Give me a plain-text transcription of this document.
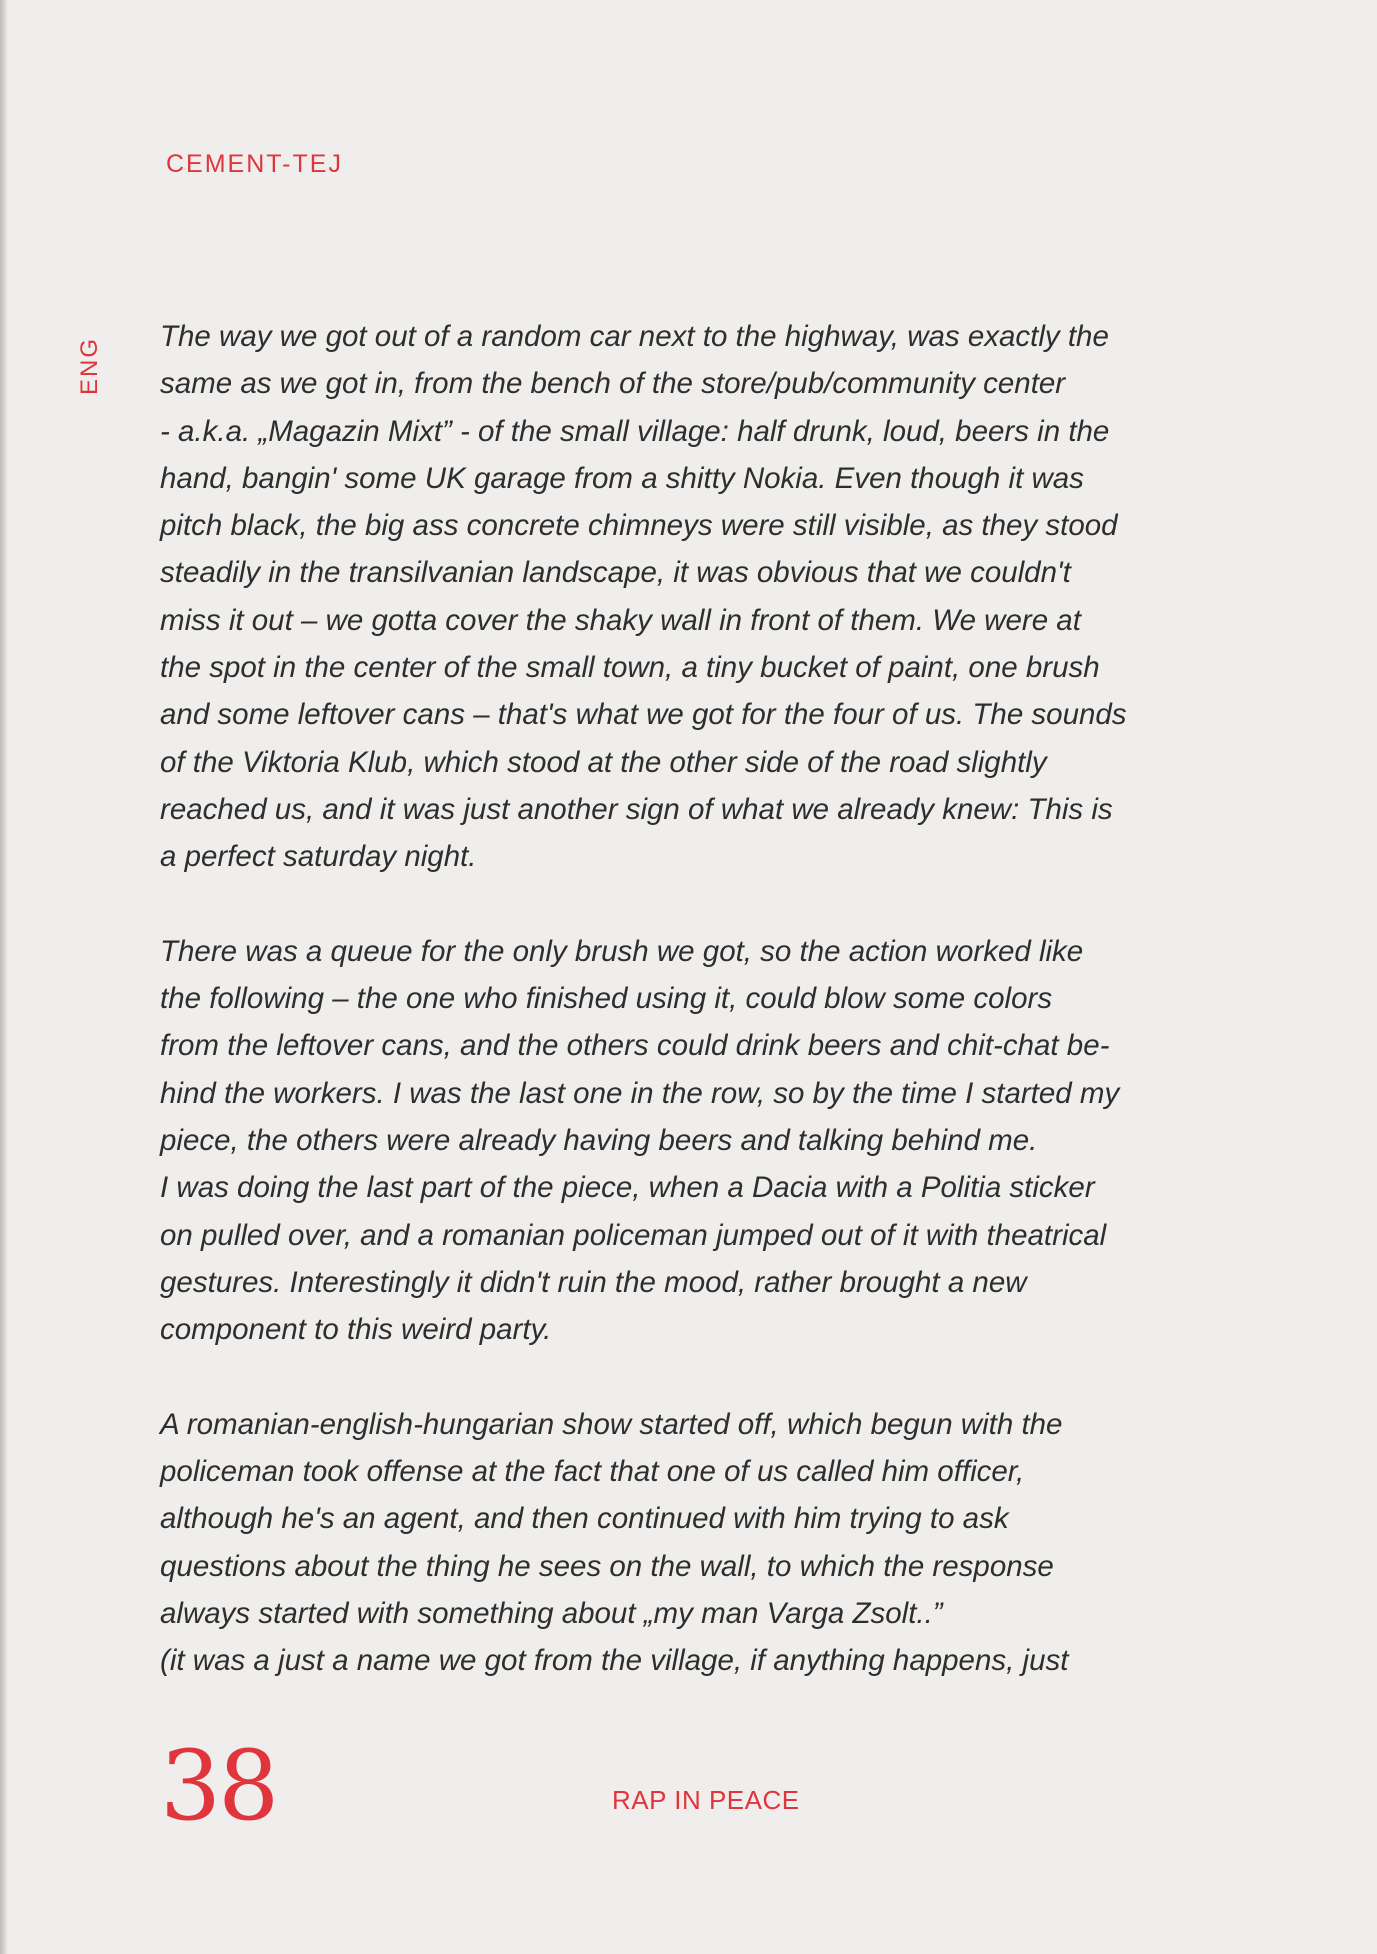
CEMENT-TEJ
ENG

The way we got out of a random car next to the highway, was exactly the
same as we got in, from the bench of the store/pub/community center
- a.k.a. „Magazin Mixt” - of the small village: half drunk, loud, beers in the
hand, bangin' some UK garage from a shitty Nokia. Even though it was
pitch black, the big ass concrete chimneys were still visible, as they stood
steadily in the transilvanian landscape, it was obvious that we couldn't
miss it out – we gotta cover the shaky wall in front of them. We were at
the spot in the center of the small town, a tiny bucket of paint, one brush
and some leftover cans – that's what we got for the four of us. The sounds
of the Viktoria Klub, which stood at the other side of the road slightly
reached us, and it was just another sign of what we already knew: This is
a perfect saturday night.

There was a queue for the only brush we got, so the action worked like
the following – the one who finished using it, could blow some colors
from the leftover cans, and the others could drink beers and chit-chat be-
hind the workers. I was the last one in the row, so by the time I started my
piece, the others were already having beers and talking behind me.
I was doing the last part of the piece, when a Dacia with a Politia sticker
on pulled over, and a romanian policeman jumped out of it with theatrical
gestures. Interestingly it didn't ruin the mood, rather brought a new
component to this weird party.

A romanian-english-hungarian show started off, which begun with the
policeman took offense at the fact that one of us called him officer,
although he's an agent, and then continued with him trying to ask
questions about the thing he sees on the wall, to which the response
always started with something about „my man Varga Zsolt..”
(it was a just a name we got from the village, if anything happens, just

38	RAP IN PEACE
